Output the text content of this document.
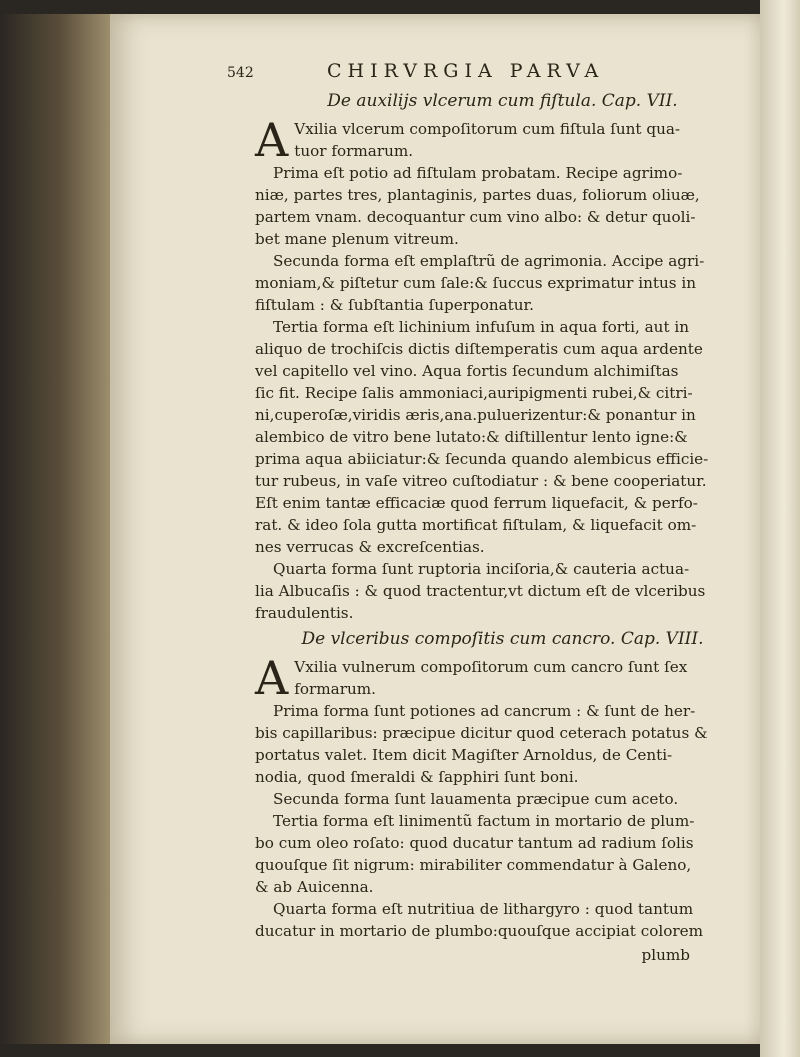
542	CHIRVRGIA PARVA
De auxilijs vlcerum cum fiſtula. Cap. VII.
A Vxilia vlcerum compoſitorum cum fiſtula ſunt qua-
tuor formarum.
Prima eſt potio ad fiſtulam probatam. Recipe agrimo-
niæ, partes tres, plantaginis, partes duas, foliorum oliuæ,
partem vnam. decoquantur cum vino albo: & detur quoli-
bet mane plenum vitreum.
Secunda forma eſt emplaſtrũ de agrimonia. Accipe agri-
moniam,& piſtetur cum ſale:& ſuccus exprimatur intus in
fiſtulam : & ſubſtantia ſuperponatur.
Tertia forma eſt lichinium infuſum in aqua forti, aut in
aliquo de trochiſcis dictis diſtemperatis cum aqua ardente
vel capitello vel vino. Aqua fortis ſecundum alchimiſtas
ſic fit. Recipe ſalis ammoniaci,auripigmenti rubei,& citri-
ni,cuperoſæ,viridis æris,ana.puluerizentur:& ponantur in
alembico de vitro bene lutato:& diſtillentur lento igne:&
prima aqua abiiciatur:& ſecunda quando alembicus efficie-
tur rubeus, in vaſe vitreo cuſtodiatur : & bene cooperiatur.
Eſt enim tantæ efficaciæ quod ferrum liquefacit, & perfo-
rat. & ideo ſola gutta mortificat fiſtulam, & liquefacit om-
nes verrucas & excreſcentias.
Quarta forma ſunt ruptoria inciſoria,& cauteria actua-
lia Albucaſis : & quod tractentur,vt dictum eſt de vlceribus
fraudulentis.
De vlceribus compoſitis cum cancro. Cap. VIII.
A Vxilia vulnerum compoſitorum cum cancro ſunt ſex
formarum.
Prima forma ſunt potiones ad cancrum : & ſunt de her-
bis capillaribus: præcipue dicitur quod ceterach potatus &
portatus valet. Item dicit Magiſter Arnoldus, de Centi-
nodia, quod ſmeraldi & ſapphiri ſunt boni.
Secunda forma ſunt lauamenta præcipue cum aceto.
Tertia forma eſt linimentũ factum in mortario de plum-
bo cum oleo roſato: quod ducatur tantum ad radium ſolis
quouſque ſit nigrum: mirabiliter commendatur à Galeno,
& ab Auicenna.
Quarta forma eſt nutritiua de lithargyro : quod tantum
ducatur in mortario de plumbo:quouſque accipiat colorem
plumb
